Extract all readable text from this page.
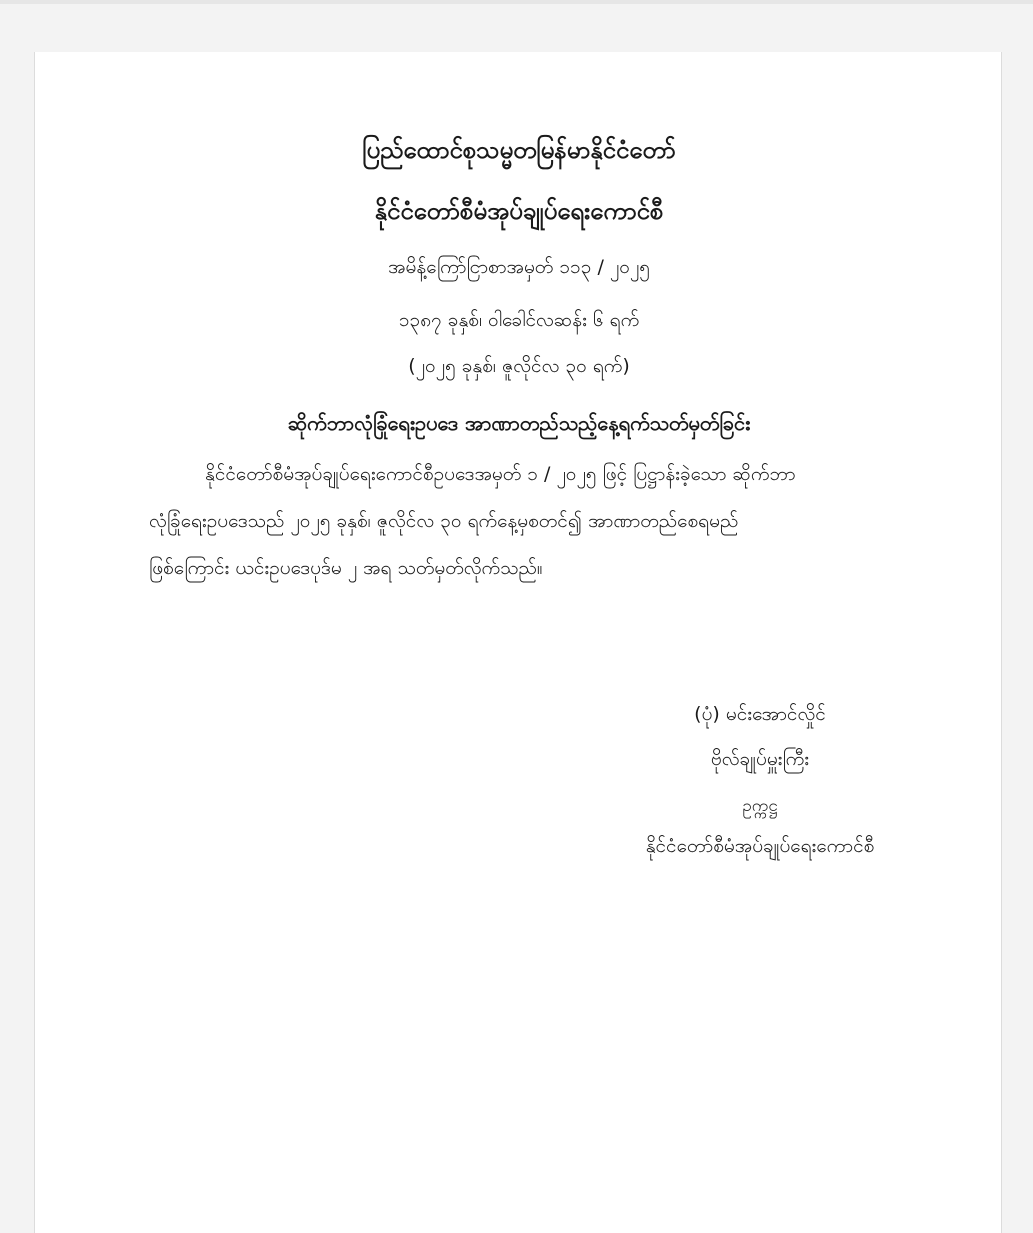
ပြည်ထောင်စုသမ္မတမြန်မာနိုင်ငံတော်
နိုင်ငံတော်စီမံအုပ်ချုပ်ရေးကောင်စီ
အမိန့်ကြော်ငြာစာအမှတ် ၁၁၃ / ၂၀၂၅
၁၃၈၇ ခုနှစ်၊ ဝါခေါင်လဆန်း ၆ ရက်
(၂၀၂၅ ခုနှစ်၊ ဇူလိုင်လ ၃၀ ရက်)
ဆိုက်ဘာလုံခြုံရေးဥပဒေ အာဏာတည်သည့်နေ့ရက်သတ်မှတ်ခြင်း
နိုင်ငံတော်စီမံအုပ်ချုပ်ရေးကောင်စီဥပဒေအမှတ် ၁ / ၂၀၂၅ ဖြင့် ပြဋ္ဌာန်းခဲ့သော ဆိုက်ဘာ
လုံခြုံရေးဥပဒေသည် ၂၀၂၅ ခုနှစ်၊ ဇူလိုင်လ ၃၀ ရက်နေ့မှစတင်၍ အာဏာတည်စေရမည်
ဖြစ်ကြောင်း ယင်းဥပဒေပုဒ်မ ၂ အရ သတ်မှတ်လိုက်သည်။
(ပုံ) မင်းအောင်လှိုင်
ဗိုလ်ချုပ်မှူးကြီး
ဥက္ကဋ္ဌ
နိုင်ငံတော်စီမံအုပ်ချုပ်ရေးကောင်စီ
